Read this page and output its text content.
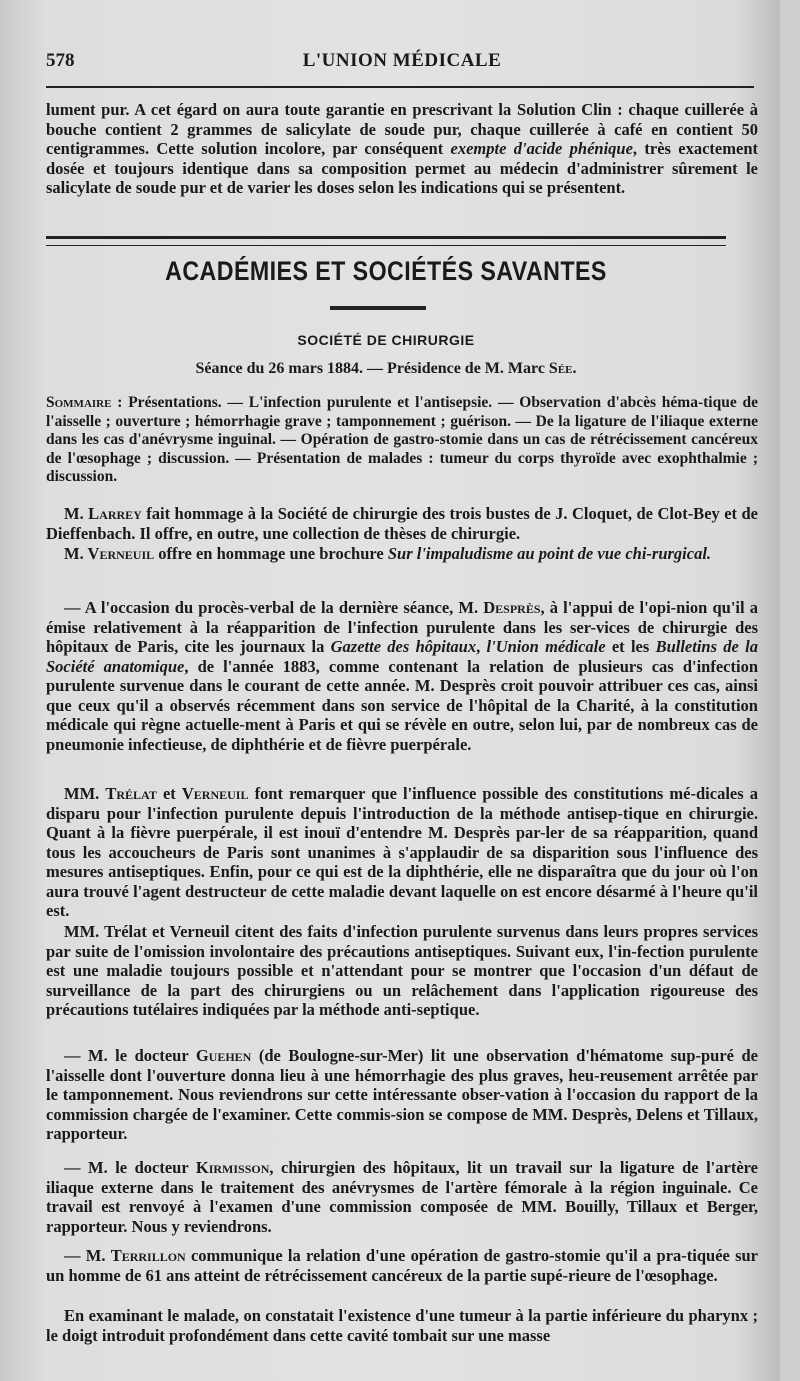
578	L'UNION MÉDICALE

lument pur. A cet égard on aura toute garantie en prescrivant la Solution Clin : chaque cuillerée à bouche contient 2 grammes de salicylate de soude pur, chaque cuillerée à café en contient 50 centigrammes. Cette solution incolore, par conséquent exempte d'acide phénique, très exactement dosée et toujours identique dans sa composition permet au médecin d'administrer sûrement le salicylate de soude pur et de varier les doses selon les indications qui se présentent.

ACADÉMIES ET SOCIÉTÉS SAVANTES
SOCIÉTÉ DE CHIRURGIE
Séance du 26 mars 1884. — Présidence de M. Marc Sée.

Sommaire : Présentations. — L'infection purulente et l'antisepsie. — Observation d'abcès héma-tique de l'aisselle ; ouverture ; hémorrhagie grave ; tamponnement ; guérison. — De la ligature de l'iliaque externe dans les cas d'anévrysme inguinal. — Opération de gastro-stomie dans un cas de rétrécissement cancéreux de l'œsophage ; discussion. — Présentation de malades : tumeur du corps thyroïde avec exophthalmie ; discussion.

M. Larrey fait hommage à la Société de chirurgie des trois bustes de J. Cloquet, de Clot-Bey et de Dieffenbach. Il offre, en outre, une collection de thèses de chirurgie.

M. Verneuil offre en hommage une brochure Sur l'impaludisme au point de vue chi-rurgical.

— A l'occasion du procès-verbal de la dernière séance, M. Desprès, à l'appui de l'opi-nion qu'il a émise relativement à la réapparition de l'infection purulente dans les ser-vices de chirurgie des hôpitaux de Paris, cite les journaux la Gazette des hôpitaux, l'Union médicale et les Bulletins de la Société anatomique, de l'année 1883, comme contenant la relation de plusieurs cas d'infection purulente survenue dans le courant de cette année. M. Desprès croit pouvoir attribuer ces cas, ainsi que ceux qu'il a observés récemment dans son service de l'hôpital de la Charité, à la constitution médicale qui règne actuelle-ment à Paris et qui se révèle en outre, selon lui, par de nombreux cas de pneumonie infectieuse, de diphthérie et de fièvre puerpérale.

MM. Trélat et Verneuil font remarquer que l'influence possible des constitutions mé-dicales a disparu pour l'infection purulente depuis l'introduction de la méthode antisep-tique en chirurgie. Quant à la fièvre puerpérale, il est inouï d'entendre M. Desprès par-ler de sa réapparition, quand tous les accoucheurs de Paris sont unanimes à s'applaudir de sa disparition sous l'influence des mesures antiseptiques. Enfin, pour ce qui est de la diphthérie, elle ne disparaîtra que du jour où l'on aura trouvé l'agent destructeur de cette maladie devant laquelle on est encore désarmé à l'heure qu'il est.

MM. Trélat et Verneuil citent des faits d'infection purulente survenus dans leurs propres services par suite de l'omission involontaire des précautions antiseptiques. Suivant eux, l'in-fection purulente est une maladie toujours possible et n'attendant pour se montrer que l'occasion d'un défaut de surveillance de la part des chirurgiens ou un relâchement dans l'application rigoureuse des précautions tutélaires indiquées par la méthode anti-septique.

— M. le docteur Guehen (de Boulogne-sur-Mer) lit une observation d'hématome sup-puré de l'aisselle dont l'ouverture donna lieu à une hémorrhagie des plus graves, heu-reusement arrêtée par le tamponnement. Nous reviendrons sur cette intéressante obser-vation à l'occasion du rapport de la commission chargée de l'examiner. Cette commis-sion se compose de MM. Desprès, Delens et Tillaux, rapporteur.

— M. le docteur Kirmisson, chirurgien des hôpitaux, lit un travail sur la ligature de l'artère iliaque externe dans le traitement des anévrysmes de l'artère fémorale à la région inguinale. Ce travail est renvoyé à l'examen d'une commission composée de MM. Bouilly, Tillaux et Berger, rapporteur. Nous y reviendrons.

— M. Terrillon communique la relation d'une opération de gastro-stomie qu'il a pra-tiquée sur un homme de 61 ans atteint de rétrécissement cancéreux de la partie supé-rieure de l'œsophage.

En examinant le malade, on constatait l'existence d'une tumeur à la partie inférieure du pharynx ; le doigt introduit profondément dans cette cavité tombait sur une masse
